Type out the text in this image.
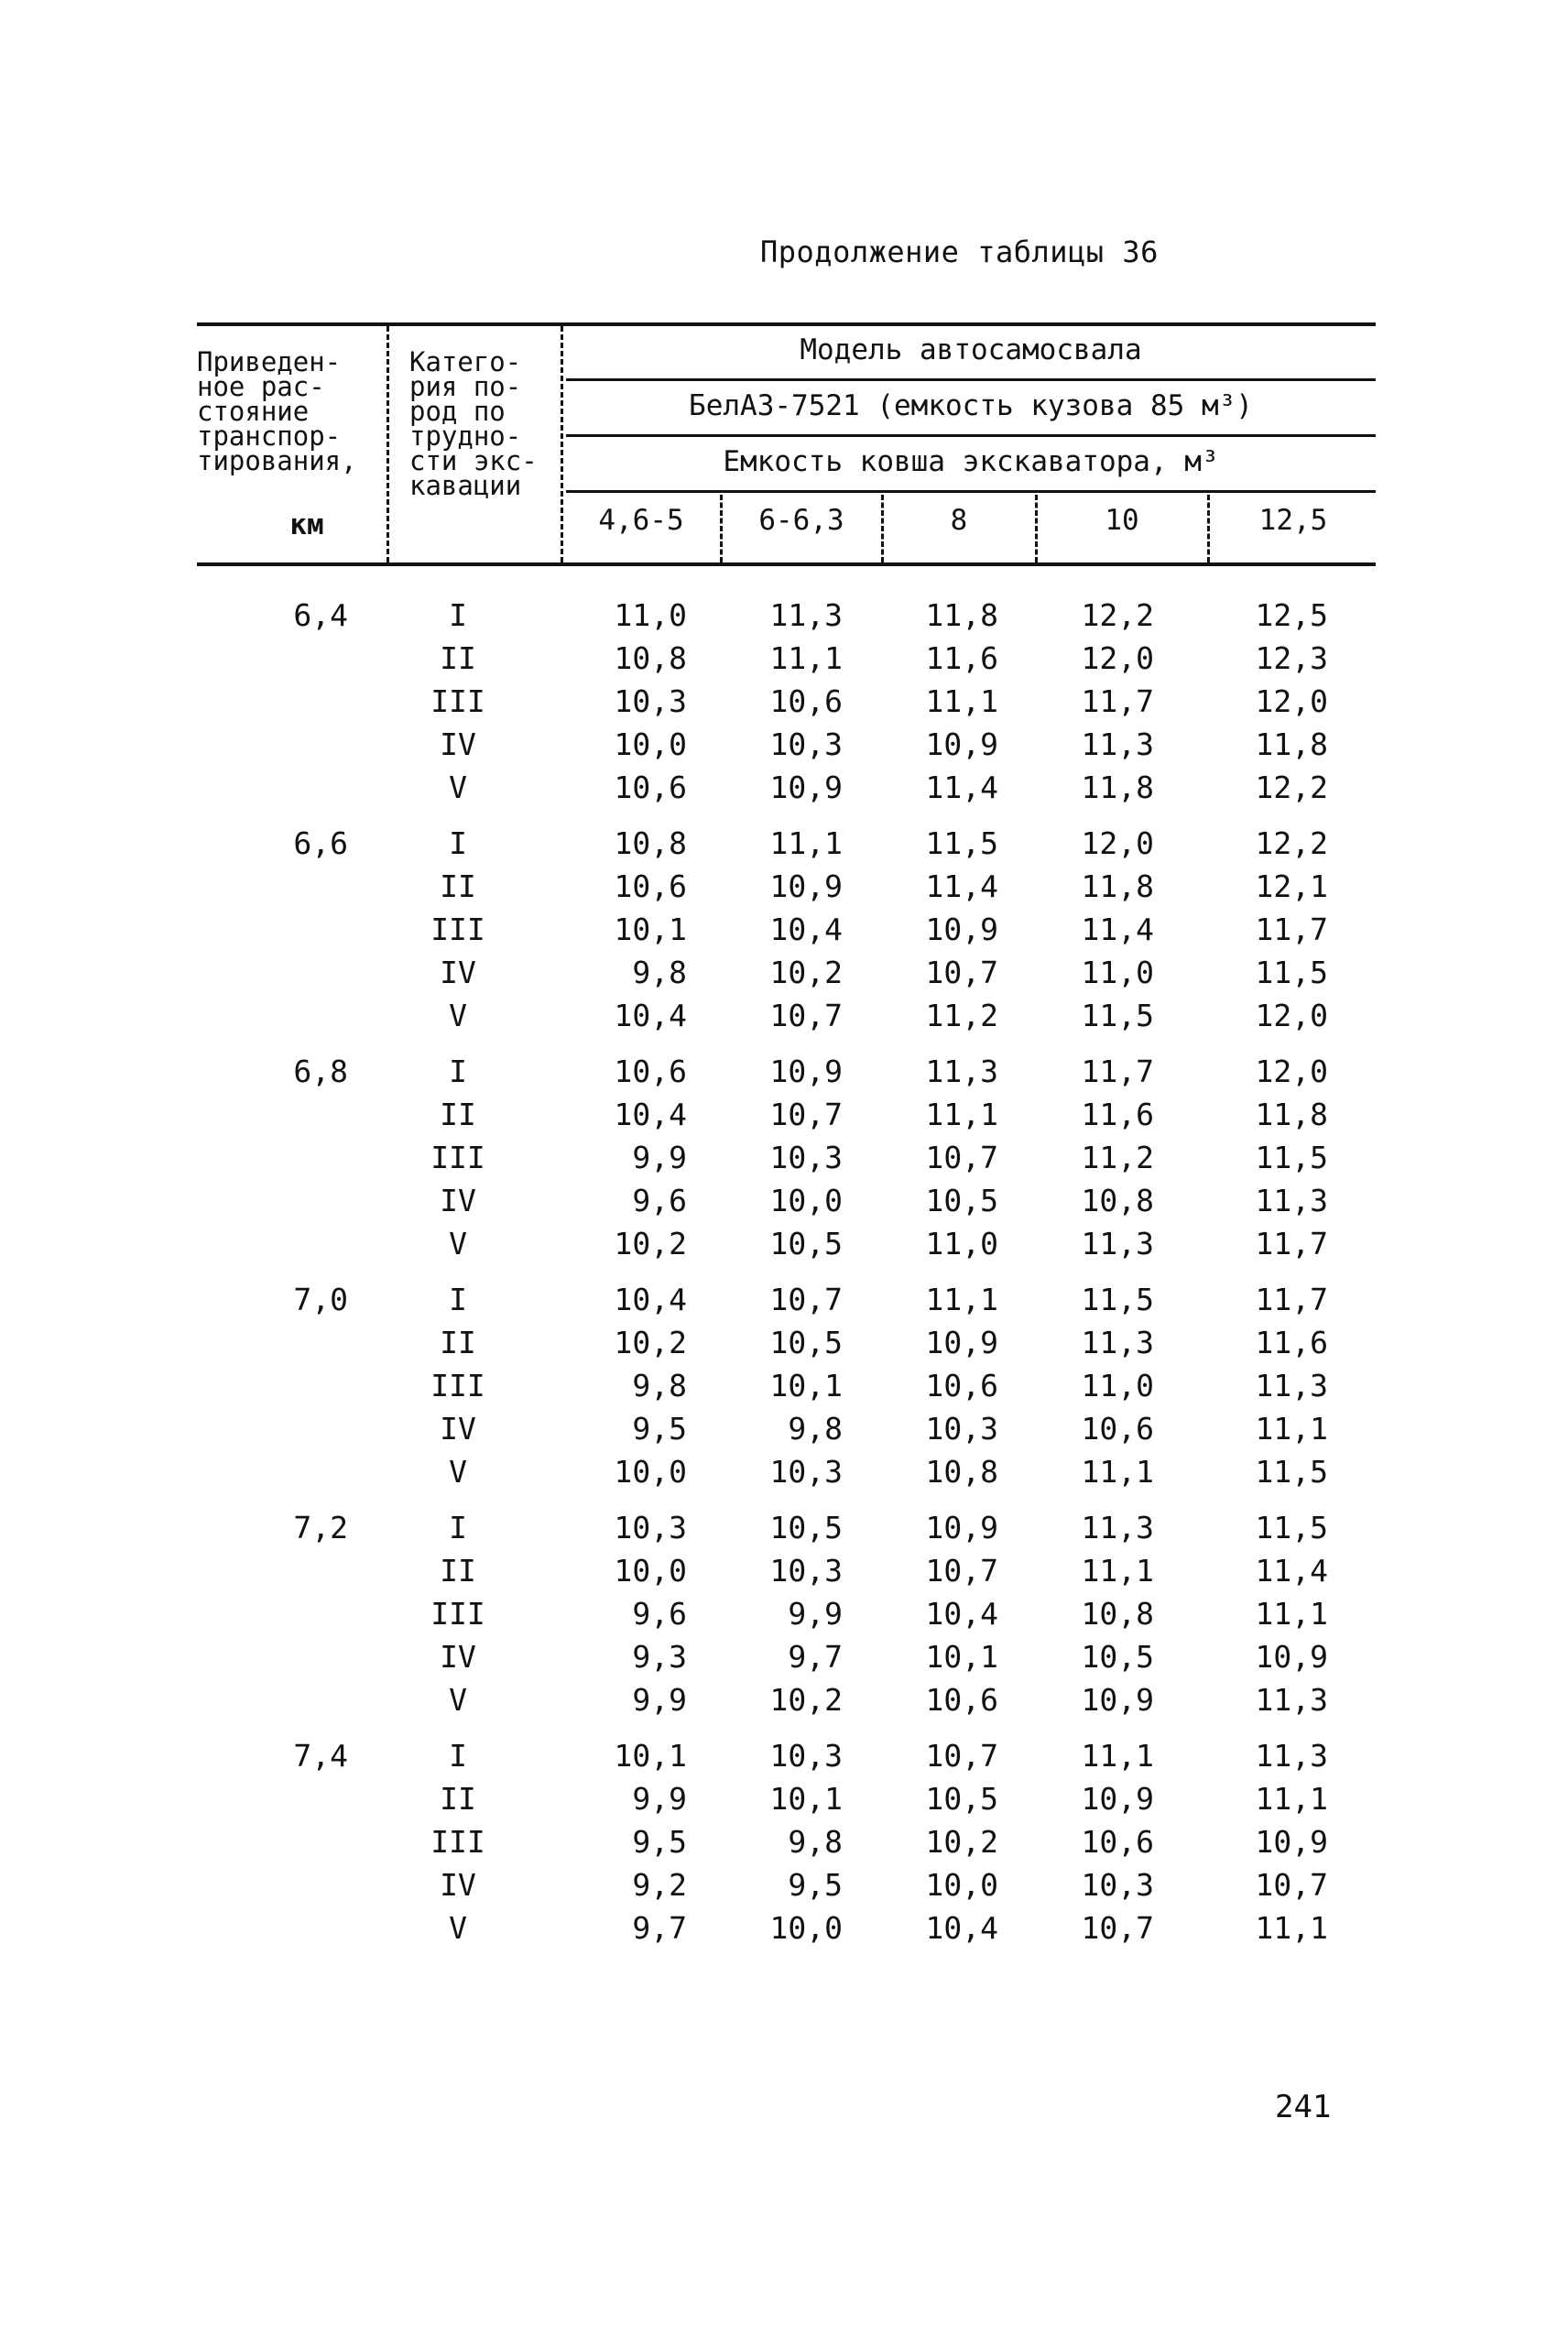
Продолжение таблицы 36
Приведен-
ное рас-
стояние
транспор-
тирования,
км
Катего-
рия по-
род по
трудно-
сти экс-
кавации
Модель автосамосвала
БелАЗ-7521 (емкость кузова 85 м³)
Емкость ковша экскаватора, м³
4,6-5	6-6,3	8	10	12,5
6,4	I	11,0	11,3	11,8	12,2	12,5
II	10,8	11,1	11,6	12,0	12,3
III	10,3	10,6	11,1	11,7	12,0
IV	10,0	10,3	10,9	11,3	11,8
V	10,6	10,9	11,4	11,8	12,2
6,6	I	10,8	11,1	11,5	12,0	12,2
II	10,6	10,9	11,4	11,8	12,1
III	10,1	10,4	10,9	11,4	11,7
IV	9,8	10,2	10,7	11,0	11,5
V	10,4	10,7	11,2	11,5	12,0
6,8	I	10,6	10,9	11,3	11,7	12,0
II	10,4	10,7	11,1	11,6	11,8
III	9,9	10,3	10,7	11,2	11,5
IV	9,6	10,0	10,5	10,8	11,3
V	10,2	10,5	11,0	11,3	11,7
7,0	I	10,4	10,7	11,1	11,5	11,7
II	10,2	10,5	10,9	11,3	11,6
III	9,8	10,1	10,6	11,0	11,3
IV	9,5	9,8	10,3	10,6	11,1
V	10,0	10,3	10,8	11,1	11,5
7,2	I	10,3	10,5	10,9	11,3	11,5
II	10,0	10,3	10,7	11,1	11,4
III	9,6	9,9	10,4	10,8	11,1
IV	9,3	9,7	10,1	10,5	10,9
V	9,9	10,2	10,6	10,9	11,3
7,4	I	10,1	10,3	10,7	11,1	11,3
II	9,9	10,1	10,5	10,9	11,1
III	9,5	9,8	10,2	10,6	10,9
IV	9,2	9,5	10,0	10,3	10,7
V	9,7	10,0	10,4	10,7	11,1
241
